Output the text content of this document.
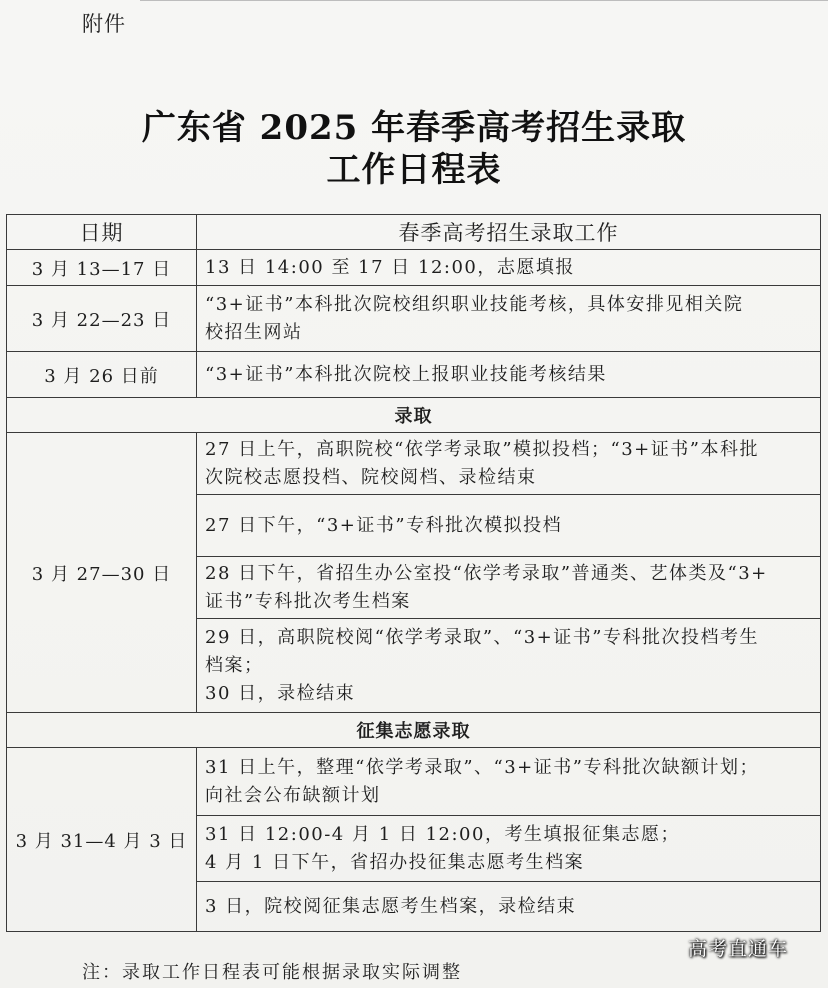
附件
广东省 2025 年春季高考招生录取
工作日程表
日期	春季高考招生录取工作
3 月 13—17 日	13 日 14:00 至 17 日 12:00，志愿填报

3 月 22—23 日	“3+证书”本科批次院校组织职业技能考核，具体安排见相关院
校招生网站

3 月 26 日前	“3+证书”本科批次院校上报职业技能考核结果

录取	
3 月 27—30 日	27 日上午，高职院校“依学考录取”模拟投档；“3+证书”本科批
次院校志愿投档、院校阅档、录检结束

	27 日下午，“3+证书”专科批次模拟投档

	28 日下午，省招生办公室投“依学考录取”普通类、艺体类及“3+
证书”专科批次考生档案

	29 日，高职院校阅“依学考录取”、“3+证书”专科批次投档考生
档案；
30 日，录检结束

征集志愿录取	
3 月 31—4 月 3 日	31 日上午，整理“依学考录取”、“3+证书”专科批次缺额计划；
向社会公布缺额计划

	31 日 12:00-4 月 1 日 12:00，考生填报征集志愿；
4 月 1 日下午，省招办投征集志愿考生档案

	3 日，院校阅征集志愿考生档案，录检结束
高考直通车
注：录取工作日程表可能根据录取实际调整
